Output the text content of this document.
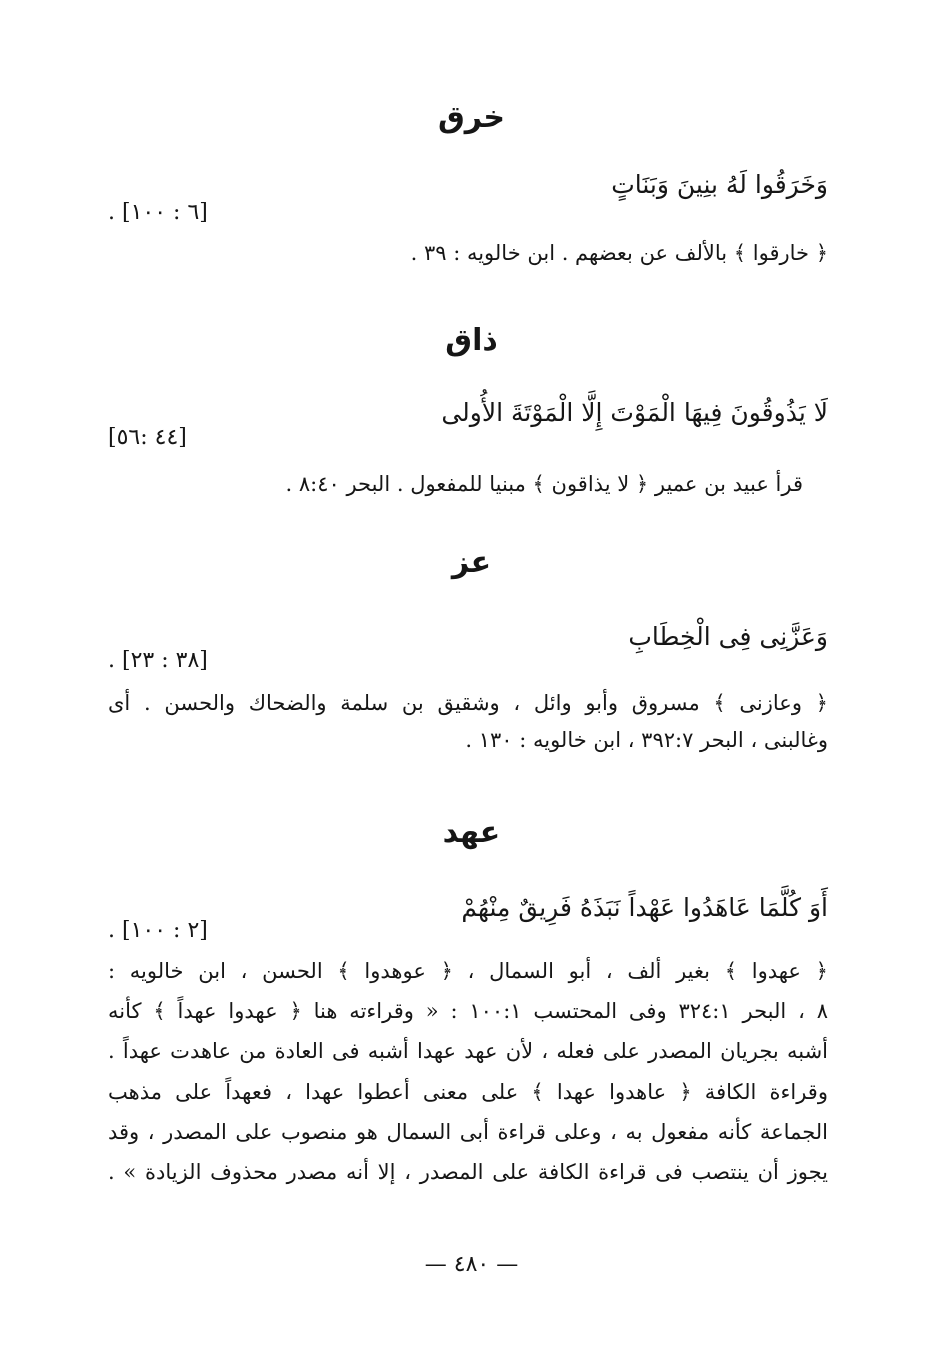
خرق
وَخَرَقُوا لَهُ بنِينَ وَبَنَاتٍ
[٦ : ١٠٠] .
﴿ خارقوا ﴾ بالألف عن بعضهم . ابن خالويه : ٣٩ .
ذاق
لَا يَذُوقُونَ فِيهَا الْمَوْتَ إِلَّا الْمَوْتَةَ الأُولى
[٤٤ :٥٦]
قرأ عبيد بن عمير ﴿ لا يذاقون ﴾ مبنيا للمفعول . البحر ٨:٤٠ .
عز
وَعَزَّنِى فِى الْخِطَابِ
[٣٨ : ٢٣] .
﴿ وعازنى ﴾ مسروق وأبو وائل ، وشقيق بن سلمة والضحاك والحسن . أى
وغالبنى ، البحر ٣٩٢:٧ ، ابن خالويه : ١٣٠ .
عهد
أَوَ كُلَّمَا عَاهَدُوا عَهْداً نَبَذَهُ فَرِيقٌ مِنْهُمْ
[٢ : ١٠٠] .
﴿ عهدوا ﴾ بغير ألف ، أبو السمال ، ﴿ عوهدوا ﴾ الحسن ، ابن خالويه :
٨ ، البحر ٣٢٤:١ وفى المحتسب ١٠٠:١ : « وقراءته هنا ﴿ عهدوا عهداً ﴾ كأنه
أشبه بجريان المصدر على فعله ، لأن عهد عهدا أشبه فى العادة من عاهدت عهداً .
وقراءة الكافة ﴿ عاهدوا عهدا ﴾ على معنى أعطوا عهدا ، فعهداً على مذهب
الجماعة كأنه مفعول به ، وعلى قراءة أبى السمال هو منصوب على المصدر ، وقد
يجوز أن ينتصب فى قراءة الكافة على المصدر ، إلا أنه مصدر محذوف الزيادة » .
— ٤٨٠ —
